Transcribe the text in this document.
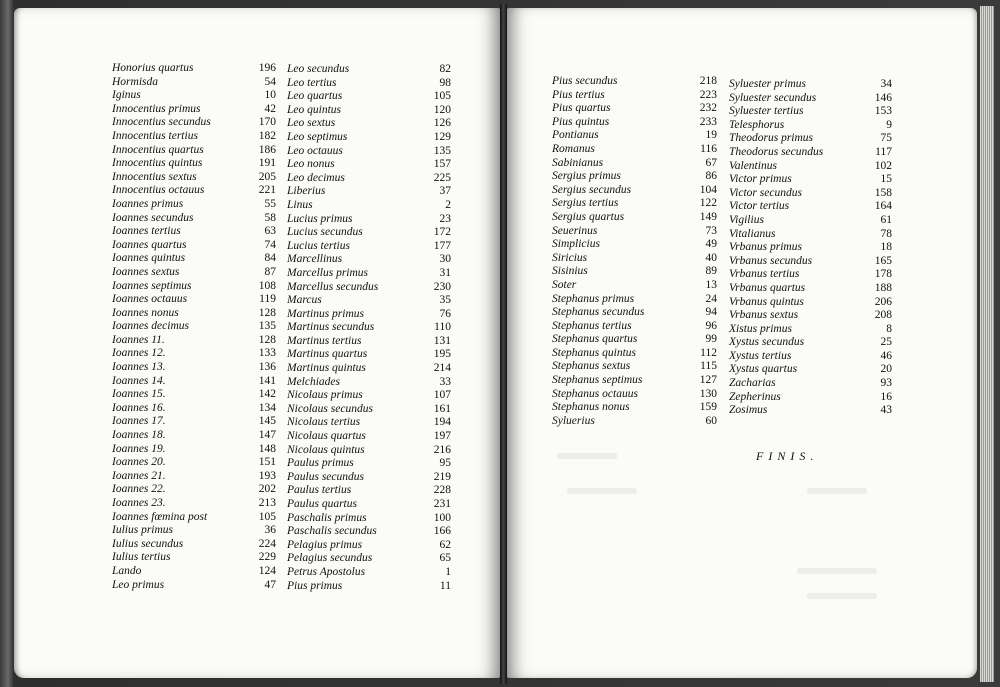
Honorius quartus	196
Hormisda	54
Iginus	10
Innocentius primus	42
Innocentius secundus	170
Innocentius tertius	182
Innocentius quartus	186
Innocentius quintus	191
Innocentius sextus	205
Innocentius octauus	221
Ioannes primus	55
Ioannes secundus	58
Ioannes tertius	63
Ioannes quartus	74
Ioannes quintus	84
Ioannes sextus	87
Ioannes septimus	108
Ioannes octauus	119
Ioannes nonus	128
Ioannes decimus	135
Ioannes 11.	128
Ioannes 12.	133
Ioannes 13.	136
Ioannes 14.	141
Ioannes 15.	142
Ioannes 16.	134
Ioannes 17.	145
Ioannes 18.	147
Ioannes 19.	148
Ioannes 20.	151
Ioannes 21.	193
Ioannes 22.	202
Ioannes 23.	213
Ioannes fœmina post	105
Iulius primus	36
Iulius secundus	224
Iulius tertius	229
Lando	124
Leo primus	47
Leo secundus	82
Leo tertius	98
Leo quartus	105
Leo quintus	120
Leo sextus	126
Leo septimus	129
Leo octauus	135
Leo nonus	157
Leo decimus	225
Liberius	37
Linus	2
Lucius primus	23
Lucius secundus	172
Lucius tertius	177
Marcellinus	30
Marcellus primus	31
Marcellus secundus	230
Marcus	35
Martinus primus	76
Martinus secundus	110
Martinus tertius	131
Martinus quartus	195
Martinus quintus	214
Melchiades	33
Nicolaus primus	107
Nicolaus secundus	161
Nicolaus tertius	194
Nicolaus quartus	197
Nicolaus quintus	216
Paulus primus	95
Paulus secundus	219
Paulus tertius	228
Paulus quartus	231
Paschalis primus	100
Paschalis secundus	166
Pelagius primus	62
Pelagius secundus	65
Petrus Apostolus	1
Pius primus	11
Pius secundus	218
Pius tertius	223
Pius quartus	232
Pius quintus	233
Pontianus	19
Romanus	116
Sabinianus	67
Sergius primus	86
Sergius secundus	104
Sergius tertius	122
Sergius quartus	149
Seuerinus	73
Simplicius	49
Siricius	40
Sisinius	89
Soter	13
Stephanus primus	24
Stephanus secundus	94
Stephanus tertius	96
Stephanus quartus	99
Stephanus quintus	112
Stephanus sextus	115
Stephanus septimus	127
Stephanus octauus	130
Stephanus nonus	159
Syluerius	60
Syluester primus	34
Syluester secundus	146
Syluester tertius	153
Telesphorus	9
Theodorus primus	75
Theodorus secundus	117
Valentinus	102
Victor primus	15
Victor secundus	158
Victor tertius	164
Vigilius	61
Vitalianus	78
Vrbanus primus	18
Vrbanus secundus	165
Vrbanus tertius	178
Vrbanus quartus	188
Vrbanus quintus	206
Vrbanus sextus	208
Xistus primus	8
Xystus secundus	25
Xystus tertius	46
Xystus quartus	20
Zacharias	93
Zepherinus	16
Zosimus	43
FINIS.
